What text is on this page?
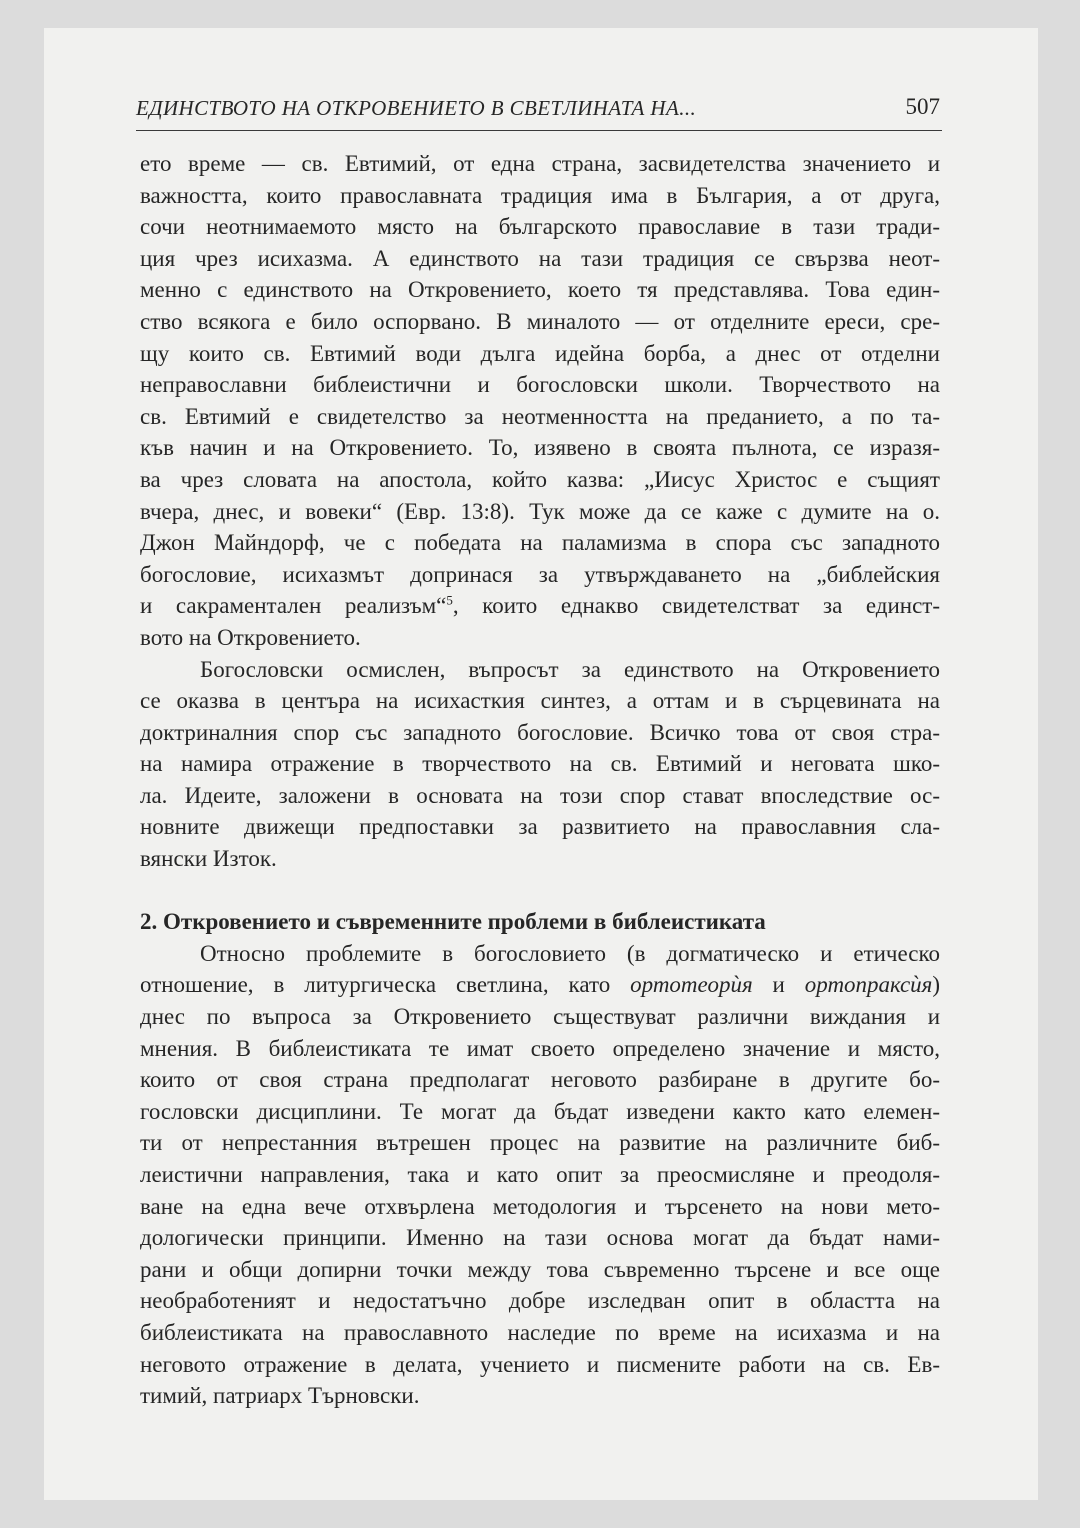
ЕДИНСТВОТО НА ОТКРОВЕНИЕТО В СВЕТЛИНАТА НА...	507

ето време — св. Евтимий, от една страна, засвидетелства значението и

важността, които православната традиция има в България, а от друга,

сочи неотнимаемото място на българското православие в тази тради-

ция чрез исихазма. А единството на тази традиция се свързва неот-

менно с единството на Откровението, което тя представлява. Това един-

ство всякога е било оспорвано. В миналото — от отделните ереси, сре-

щу които св. Евтимий води дълга идейна борба, а днес от отделни

неправославни библеистични и богословски школи. Творчеството на

св. Евтимий е свидетелство за неотменността на преданието, а по та-

къв начин и на Откровението. То, изявено в своята пълнота, се изразя-

ва чрез словата на апостола, който казва: „Иисус Христос е същият

вчера, днес, и вовеки“ (Евр. 13:8). Тук може да се каже с думите на о.

Джон Майндорф, че с победата на паламизма в спора със западното

богословие, исихазмът допринася за утвърждаването на „библейския

и сакраментален реализъм“$^5$, които еднакво свидетелстват за единст-

вото на Откровението.

Богословски осмислен, въпросът за единството на Откровението

се оказва в центъра на исихасткия синтез, а оттам и в сърцевината на

доктриналния спор със западното богословие. Всичко това от своя стра-

на намира отражение в творчеството на св. Евтимий и неговата шко-

ла. Идеите, заложени в основата на този спор стават впоследствие ос-

новните движещи предпоставки за развитието на православния сла-

вянски Изток.

2. Откровението и съвременните проблеми в библеистиката

Относно проблемите в богословието (в догматическо и етическо

отношение, в литургическа светлина, като ортотеорѝя и ортопраксѝя)

днес по въпроса за Откровението съществуват различни виждания и

мнения. В библеистиката те имат своето определено значение и място,

които от своя страна предполагат неговото разбиране в другите бо-

гословски дисциплини. Те могат да бъдат изведени както като елемен-

ти от непрестанния вътрешен процес на развитие на различните биб-

леистични направления, така и като опит за преосмисляне и преодоля-

ване на една вече отхвърлена методология и търсенето на нови мето-

дологически принципи. Именно на тази основа могат да бъдат нами-

рани и общи допирни точки между това съвременно търсене и все още

необработеният и недостатъчно добре изследван опит в областта на

библеистиката на православното наследие по време на исихазма и на

неговото отражение в делата, учението и писмените работи на св. Ев-

тимий, патриарх Търновски.
